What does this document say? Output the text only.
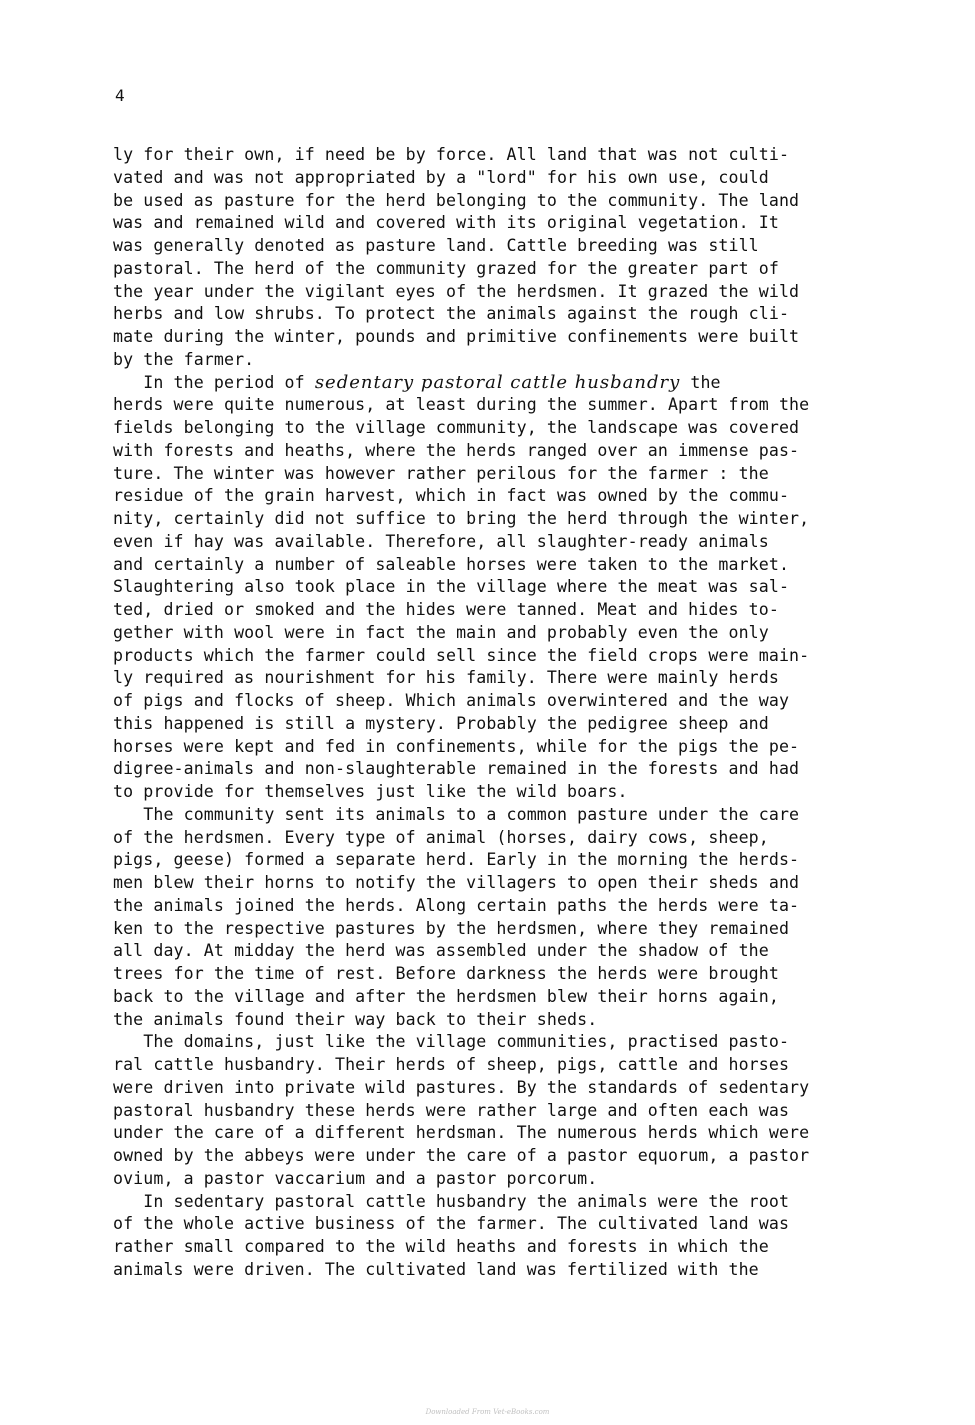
4
ly for their own, if need be by force. All land that was not culti-
vated and was not appropriated by a "lord" for his own use, could
be used as pasture for the herd belonging to the community. The land
was and remained wild and covered with its original vegetation. It
was generally denoted as pasture land. Cattle breeding was still
pastoral. The herd of the community grazed for the greater part of
the year under the vigilant eyes of the herdsmen. It grazed the wild
herbs and low shrubs. To protect the animals against the rough cli-
mate during the winter, pounds and primitive confinements were built
by the farmer.
In the period of sedentary pastoral cattle husbandry the
herds were quite numerous, at least during the summer. Apart from the
fields belonging to the village community, the landscape was covered
with forests and heaths, where the herds ranged over an immense pas-
ture. The winter was however rather perilous for the farmer : the
residue of the grain harvest, which in fact was owned by the commu-
nity, certainly did not suffice to bring the herd through the winter,
even if hay was available. Therefore, all slaughter-ready animals
and certainly a number of saleable horses were taken to the market.
Slaughtering also took place in the village where the meat was sal-
ted, dried or smoked and the hides were tanned. Meat and hides to-
gether with wool were in fact the main and probably even the only
products which the farmer could sell since the field crops were main-
ly required as nourishment for his family. There were mainly herds
of pigs and flocks of sheep. Which animals overwintered and the way
this happened is still a mystery. Probably the pedigree sheep and
horses were kept and fed in confinements, while for the pigs the pe-
digree-animals and non-slaughterable remained in the forests and had
to provide for themselves just like the wild boars.
The community sent its animals to a common pasture under the care
of the herdsmen. Every type of animal (horses, dairy cows, sheep,
pigs, geese) formed a separate herd. Early in the morning the herds-
men blew their horns to notify the villagers to open their sheds and
the animals joined the herds. Along certain paths the herds were ta-
ken to the respective pastures by the herdsmen, where they remained
all day. At midday the herd was assembled under the shadow of the
trees for the time of rest. Before darkness the herds were brought
back to the village and after the herdsmen blew their horns again,
the animals found their way back to their sheds.
The domains, just like the village communities, practised pasto-
ral cattle husbandry. Their herds of sheep, pigs, cattle and horses
were driven into private wild pastures. By the standards of sedentary
pastoral husbandry these herds were rather large and often each was
under the care of a different herdsman. The numerous herds which were
owned by the abbeys were under the care of a pastor equorum, a pastor
ovium, a pastor vaccarium and a pastor porcorum.
In sedentary pastoral cattle husbandry the animals were the root
of the whole active business of the farmer. The cultivated land was
rather small compared to the wild heaths and forests in which the
animals were driven. The cultivated land was fertilized with the
Downloaded From Vet-eBooks.com
